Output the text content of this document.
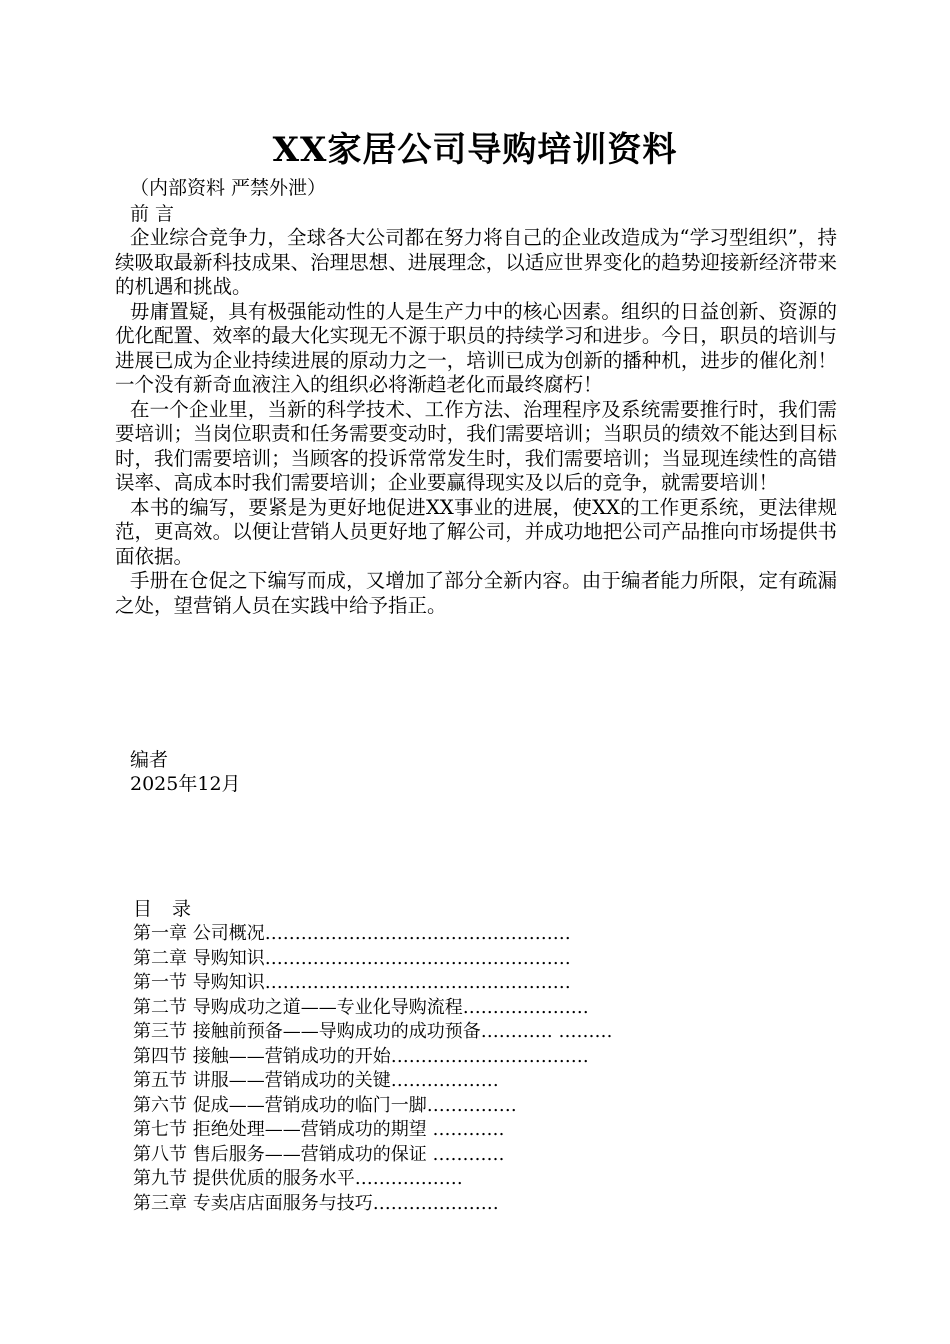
XX家居公司导购培训资料
（内部资料 严禁外泄）
前 言

企业综合竞争力，全球各大公司都在努力将自己的企业改造成为“学习型组织”，持续吸取最新科技成果、治理思想、进展理念，以适应世界变化的趋势迎接新经济带来的机遇和挑战。

毋庸置疑，具有极强能动性的人是生产力中的核心因素。组织的日益创新、资源的优化配置、效率的最大化实现无不源于职员的持续学习和进步。今日，职员的培训与进展已成为企业持续进展的原动力之一，培训已成为创新的播种机，进步的催化剂！一个没有新奇血液注入的组织必将渐趋老化而最终腐朽！

在一个企业里，当新的科学技术、工作方法、治理程序及系统需要推行时，我们需要培训；当岗位职责和任务需要变动时，我们需要培训；当职员的绩效不能达到目标时，我们需要培训；当顾客的投诉常常发生时，我们需要培训；当显现连续性的高错误率、高成本时我们需要培训；企业要赢得现实及以后的竞争，就需要培训！

本书的编写，要紧是为更好地促进XX事业的进展，使XX的工作更系统，更法律规范，更高效。以便让营销人员更好地了解公司，并成功地把公司产品推向市场提供书面依据。

手册在仓促之下编写而成，又增加了部分全新内容。由于编者能力所限，定有疏漏之处，望营销人员在实践中给予指正。

编者
2025年12月
目 录
第一章 公司概况……………………………………………
第二章 导购知识……………………………………………
第一节 导购知识……………………………………………
第二节 导购成功之道——专业化导购流程…………………
第三节 接触前预备——导购成功的成功预备………… ………
第四节 接触——营销成功的开始……………………………
第五节 讲服——营销成功的关键………………
第六节 促成——营销成功的临门一脚……………
第七节 拒绝处理——营销成功的期望 …………
第八节 售后服务——营销成功的保证 …………
第九节 提供优质的服务水平………………
第三章 专卖店店面服务与技巧…………………
